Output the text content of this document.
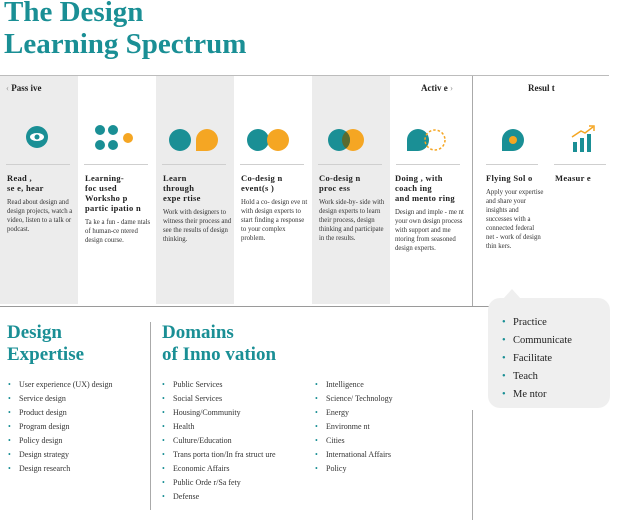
The Design
Learning Spectrum
‹ Pass ive	Activ e ›	Resul t
Read ,
se e, hear

Read about design and design projects, watch a video, listen to a talk or podcast.

Learning-
foc used
Worksho p
partic ipatio n

Ta ke a fun - dame ntals of human-ce ntered design course.

Learn
through
expe rtise

Work with designers to witness their process and see the results of design thinking.

Co-desig n
event(s )

Hold a co- design eve nt with design experts to start finding a response to your complex problem.

Co-desig n
proc ess

Work side-by- side with design experts to learn their process, design thinking and participate in the results.

Doing , with
coach ing
and mento ring

Design and imple - me nt your own design process with support and me ntoring from seasoned design experts.

Flying Sol o

Apply your expertise and share your insights and successes with a connected federal net - work of design thin kers.

Measur e
• Practice
• Communicate
• Facilitate
• Teach
• Me ntor
Design
Expertise
• User experience (UX) design
• Service design
• Product design
• Program design
• Policy design
• Design strategy
• Design research
Domains
of Inno vation
• Public Services
• Social Services
• Housing/Community
• Health
• Culture/Education
• Trans porta tion/In fra struct ure
• Economic Affairs
• Public Orde r/Sa fety
• Defense
• Intelligence
• Science/ Technology
• Energy
• Environme nt
• Cities
• International Affairs
• Policy
